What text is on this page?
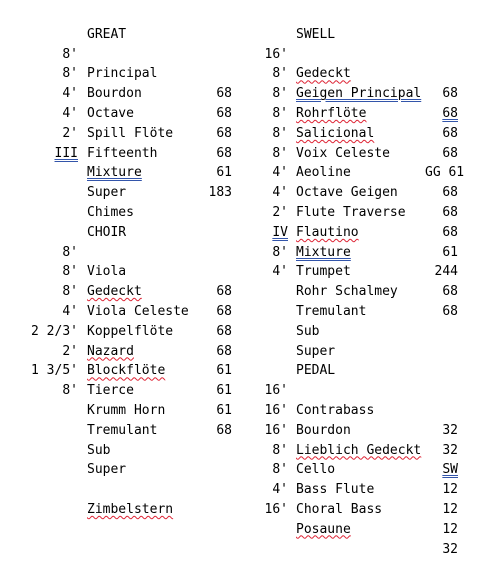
GREAT

8'

Principal

68

8'

Bourdon

68

4'

Octave

68

4'

Spill Flöte

68

2'

Fifteenth

61

III

Mixture

183

Super

Chimes

CHOIR

8'

Viola

68

8'

Gedeckt

68

8'

Viola Celeste

68

4'

Koppelflöte

68

2 2/3'

Nazard

61

2'

Blockflöte

61

1 3/5'

Tierce

61

8'

Krumm Horn

68

Tremulant

Sub

Super

Zimbelstern

SWELL

16'

Gedeckt

68

8'

Geigen Principal

68

8'

Rohrflöte

68

8'

Salicional

68

8'

Voix Celeste

GG 61

8'

Aeoline

68

4'

Octave Geigen

68

4'

Flute Traverse

68

2'

Flautino

61

IV

Mixture

244

8'

Trumpet

68

4'

Rohr Schalmey

68

Tremulant

Sub

Super

PEDAL

16'

Contrabass

32

16'

Bourdon

32

16'

Lieblich Gedeckt

SW

8'

Cello

12

8'

Bass Flute

12

4'

Choral Bass

12

16'

Posaune

32
